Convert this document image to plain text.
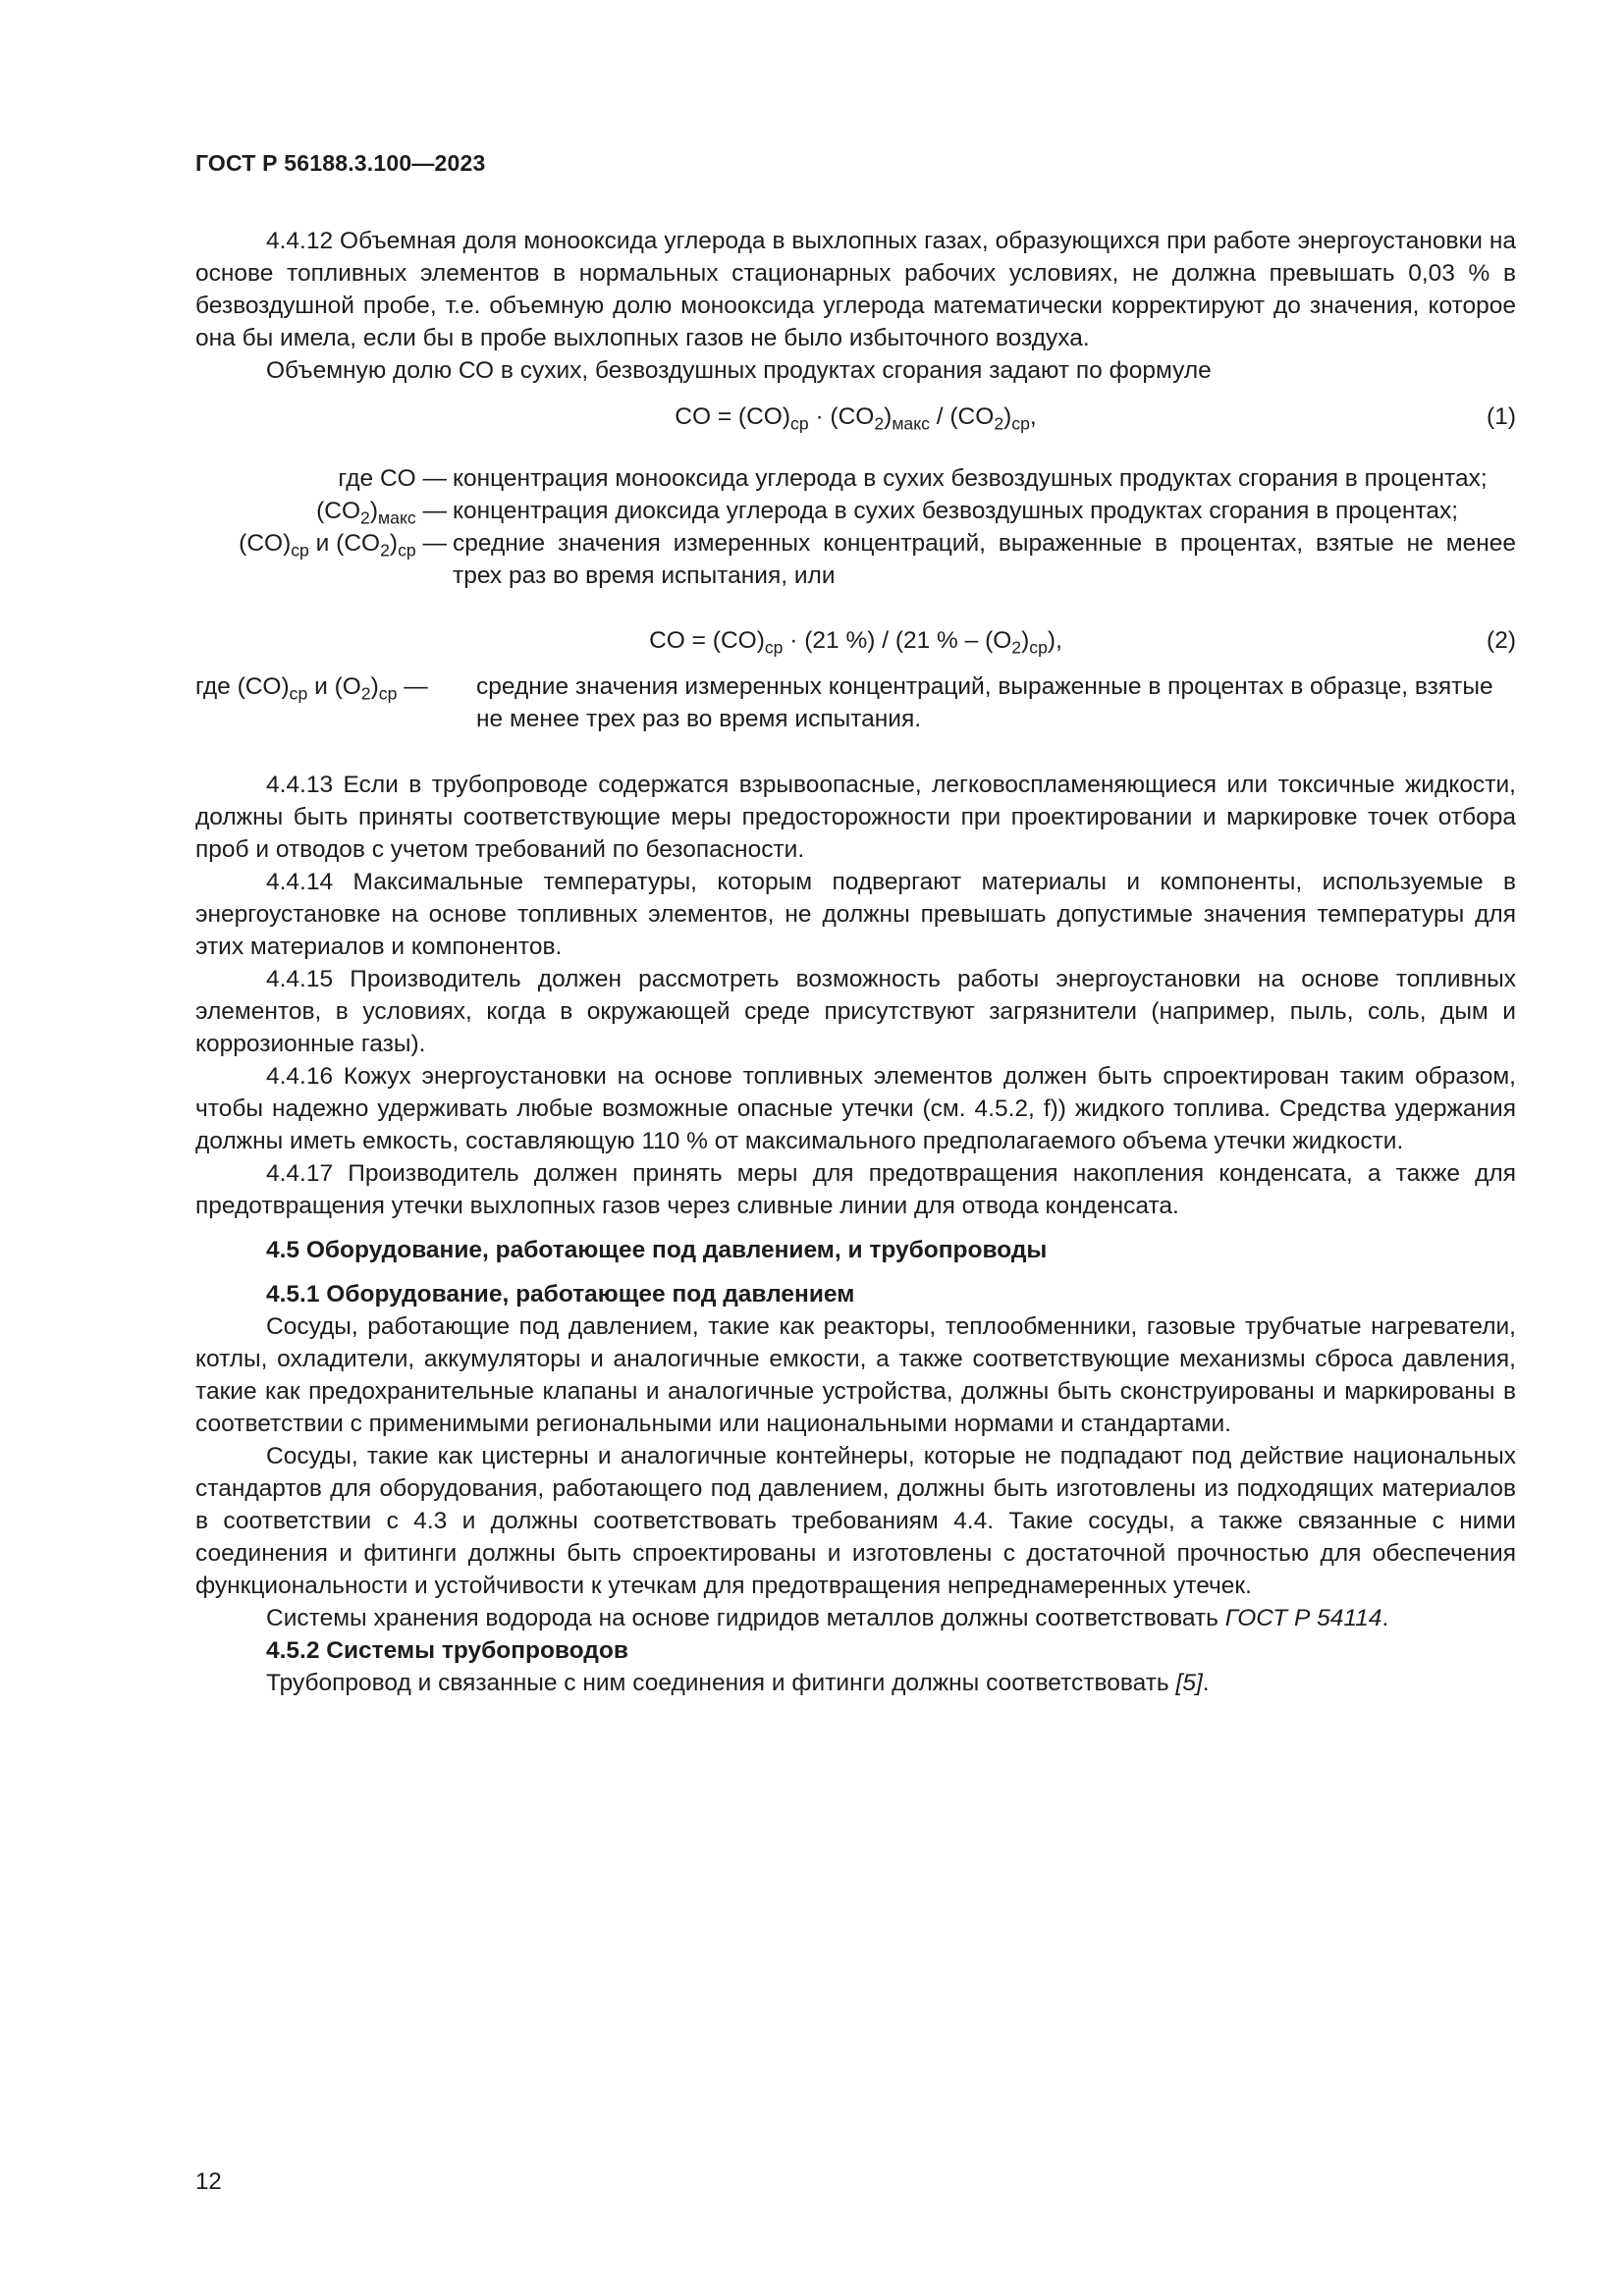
ГОСТ Р 56188.3.100—2023

4.4.12 Объемная доля монооксида углерода в выхлопных газах, образующихся при работе энергоустановки на основе топливных элементов в нормальных стационарных рабочих условиях, не должна превышать 0,03 % в безвоздушной пробе, т.е. объемную долю монооксида углерода математически корректируют до значения, которое она бы имела, если бы в пробе выхлопных газов не было избыточного воздуха.

Объемную долю СО в сухих, безвоздушных продуктах сгорания задают по формуле

CO = $(CO)_{ср} \cdot (CO_2)_{макс} / (CO_2)_{ср}$,	(1)
где CO — концентрация монооксида углерода в сухих безвоздушных продуктах сгорания в процентах;
$(CO_2)_{макс}$ — концентрация диоксида углерода в сухих безвоздушных продуктах сгорания в процентах;
$(CO)_{ср}$ и $(CO_2)_{ср}$ — средние значения измеренных концентраций, выраженные в процентах, взятые не менее трех раз во время испытания, или
CO = $(CO)_{ср} \cdot (21$ %) / (21 % – $(O_2)_{ср}$),	(2)
где $(CO)_{ср}$ и $(O_2)_{ср}$ —	средние значения измеренных концентраций, выраженные в процентах в образце, взятые не менее трех раз во время испытания.

4.4.13 Если в трубопроводе содержатся взрывоопасные, легковоспламеняющиеся или токсичные жидкости, должны быть приняты соответствующие меры предосторожности при проектировании и маркировке точек отбора проб и отводов с учетом требований по безопасности.

4.4.14 Максимальные температуры, которым подвергают материалы и компоненты, используемые в энергоустановке на основе топливных элементов, не должны превышать допустимые значения температуры для этих материалов и компонентов.

4.4.15 Производитель должен рассмотреть возможность работы энергоустановки на основе топливных элементов, в условиях, когда в окружающей среде присутствуют загрязнители (например, пыль, соль, дым и коррозионные газы).

4.4.16 Кожух энергоустановки на основе топливных элементов должен быть спроектирован таким образом, чтобы надежно удерживать любые возможные опасные утечки (см. 4.5.2, f)) жидкого топлива. Средства удержания должны иметь емкость, составляющую 110 % от максимального предполагаемого объема утечки жидкости.

4.4.17 Производитель должен принять меры для предотвращения накопления конденсата, а также для предотвращения утечки выхлопных газов через сливные линии для отвода конденсата.

4.5 Оборудование, работающее под давлением, и трубопроводы

4.5.1 Оборудование, работающее под давлением

Сосуды, работающие под давлением, такие как реакторы, теплообменники, газовые трубчатые нагреватели, котлы, охладители, аккумуляторы и аналогичные емкости, а также соответствующие механизмы сброса давления, такие как предохранительные клапаны и аналогичные устройства, должны быть сконструированы и маркированы в соответствии с применимыми региональными или национальными нормами и стандартами.

Сосуды, такие как цистерны и аналогичные контейнеры, которые не подпадают под действие национальных стандартов для оборудования, работающего под давлением, должны быть изготовлены из подходящих материалов в соответствии с 4.3 и должны соответствовать требованиям 4.4. Такие сосуды, а также связанные с ними соединения и фитинги должны быть спроектированы и изготовлены с достаточной прочностью для обеспечения функциональности и устойчивости к утечкам для предотвращения непреднамеренных утечек.

Системы хранения водорода на основе гидридов металлов должны соответствовать ГОСТ Р 54114.

4.5.2 Системы трубопроводов

Трубопровод и связанные с ним соединения и фитинги должны соответствовать [5].

12
